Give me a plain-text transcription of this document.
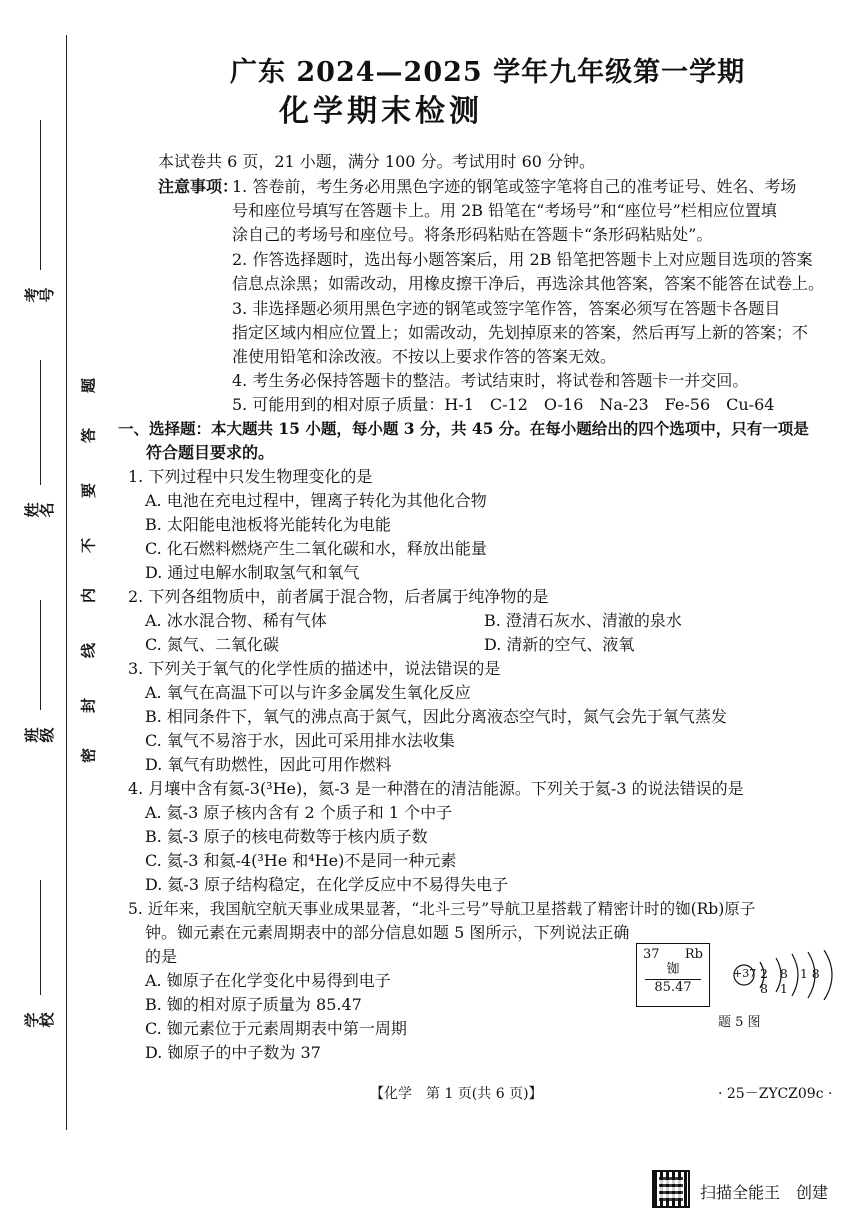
考号
姓名
班级
学校
题
答
要
不
内
线
封
密
广东 2024—2025 学年九年级第一学期
化学期末检测
本试卷共 6 页，21 小题，满分 100 分。考试用时 60 分钟。
注意事项：
1. 答卷前，考生务必用黑色字迹的钢笔或签字笔将自己的准考证号、姓名、考场
号和座位号填写在答题卡上。用 2B 铅笔在“考场号”和“座位号”栏相应位置填
涂自己的考场号和座位号。将条形码粘贴在答题卡“条形码粘贴处”。
2. 作答选择题时，选出每小题答案后，用 2B 铅笔把答题卡上对应题目选项的答案
信息点涂黑；如需改动，用橡皮擦干净后，再选涂其他答案，答案不能答在试卷上。
3. 非选择题必须用黑色字迹的钢笔或签字笔作答，答案必须写在答题卡各题目
指定区域内相应位置上；如需改动，先划掉原来的答案，然后再写上新的答案；不
准使用铅笔和涂改液。不按以上要求作答的答案无效。
4. 考生务必保持答题卡的整洁。考试结束时，将试卷和答题卡一并交回。
5. 可能用到的相对原子质量：H-1　C-12　O-16　Na-23　Fe-56　Cu-64
一、选择题：本大题共 15 小题，每小题 3 分，共 45 分。在每小题给出的四个选项中，只有一项是
符合题目要求的。
1. 下列过程中只发生物理变化的是
A. 电池在充电过程中，锂离子转化为其他化合物
B. 太阳能电池板将光能转化为电能
C. 化石燃料燃烧产生二氧化碳和水，释放出能量
D. 通过电解水制取氢气和氧气
2. 下列各组物质中，前者属于混合物，后者属于纯净物的是
A. 冰水混合物、稀有气体	B. 澄清石灰水、清澈的泉水
C. 氮气、二氧化碳	D. 清新的空气、液氧
3. 下列关于氧气的化学性质的描述中，说法错误的是
A. 氧气在高温下可以与许多金属发生氧化反应
B. 相同条件下，氧气的沸点高于氮气，因此分离液态空气时，氮气会先于氧气蒸发
C. 氧气不易溶于水，因此可采用排水法收集
D. 氧气有助燃性，因此可用作燃料
4. 月壤中含有氦-3(³He)，氦-3 是一种潜在的清洁能源。下列关于氦-3 的说法错误的是
A. 氦-3 原子核内含有 2 个质子和 1 个中子
B. 氦-3 原子的核电荷数等于核内质子数
C. 氦-3 和氦-4(³He 和⁴He)不是同一种元素
D. 氦-3 原子结构稳定，在化学反应中不易得失电子
5. 近年来，我国航空航天事业成果显著，“北斗三号”导航卫星搭载了精密计时的铷(Rb)原子
钟。铷元素在元素周期表中的部分信息如题 5 图所示，下列说法正确
的是
A. 铷原子在化学变化中易得到电子
B. 铷的相对原子质量为 85.47
C. 铷元素位于元素周期表中第一周期
D. 铷原子的中子数为 37
37 Rb
铷
85.47
+37 2 8 18 8 1
题 5 图
【化学　第 1 页(共 6 页)】	· 25－ZYCZ09c ·
扫描全能王　创建
